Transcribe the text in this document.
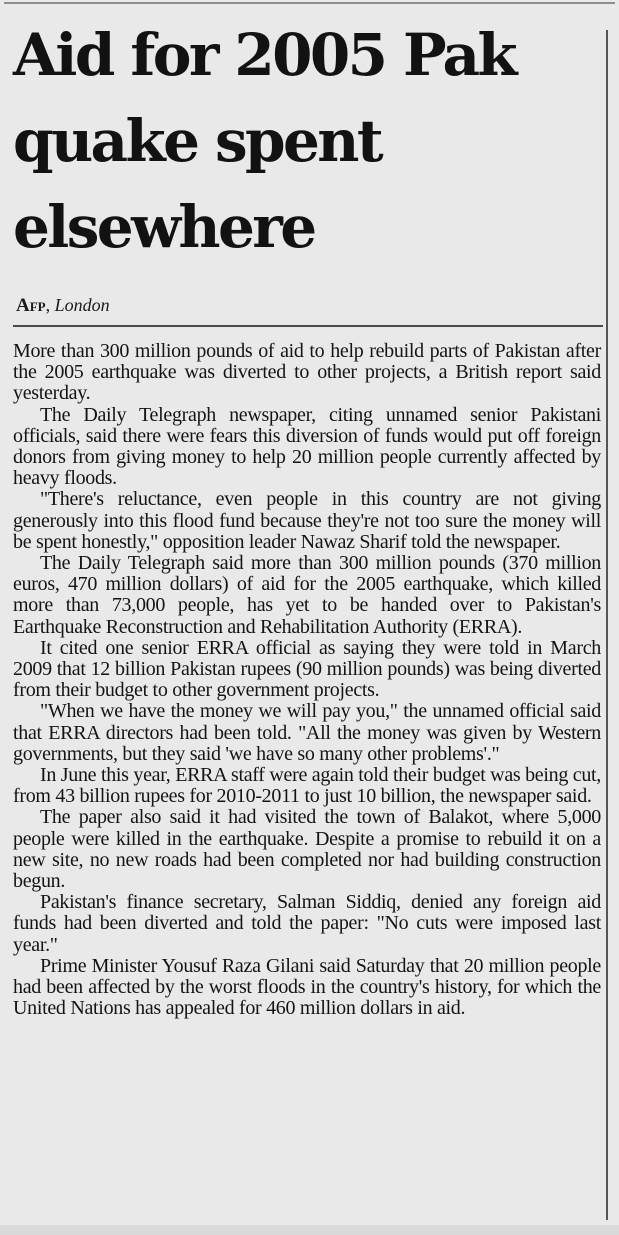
Aid for 2005 Pak
quake spent
elsewhere
Afp, London

More than 300 million pounds of aid to help rebuild parts of Pakistan after the 2005 earthquake was diverted to other projects, a British report said yesterday.

The Daily Telegraph newspaper, citing unnamed senior Pakistani officials, said there were fears this diversion of funds would put off foreign donors from giving money to help 20 million people currently affected by heavy floods.

"There's reluctance, even people in this country are not giving generously into this flood fund because they're not too sure the money will be spent honestly," opposition leader Nawaz Sharif told the newspaper.

The Daily Telegraph said more than 300 million pounds (370 million euros, 470 million dollars) of aid for the 2005 earthquake, which killed more than 73,000 people, has yet to be handed over to Pakistan's Earthquake Reconstruction and Rehabilitation Authority (ERRA).

It cited one senior ERRA official as saying they were told in March 2009 that 12 billion Pakistan rupees (90 million pounds) was being diverted from their budget to other government projects.

"When we have the money we will pay you," the unnamed official said that ERRA directors had been told. "All the money was given by Western governments, but they said 'we have so many other problems'."

In June this year, ERRA staff were again told their budget was being cut, from 43 billion rupees for 2010-2011 to just 10 billion, the newspaper said.

The paper also said it had visited the town of Balakot, where 5,000 people were killed in the earthquake. Despite a promise to rebuild it on a new site, no new roads had been completed nor had building construction begun.

Pakistan's finance secretary, Salman Siddiq, denied any foreign aid funds had been diverted and told the paper: "No cuts were imposed last year."

Prime Minister Yousuf Raza Gilani said Saturday that 20 million people had been affected by the worst floods in the country's history, for which the United Nations has appealed for 460 million dollars in aid.
